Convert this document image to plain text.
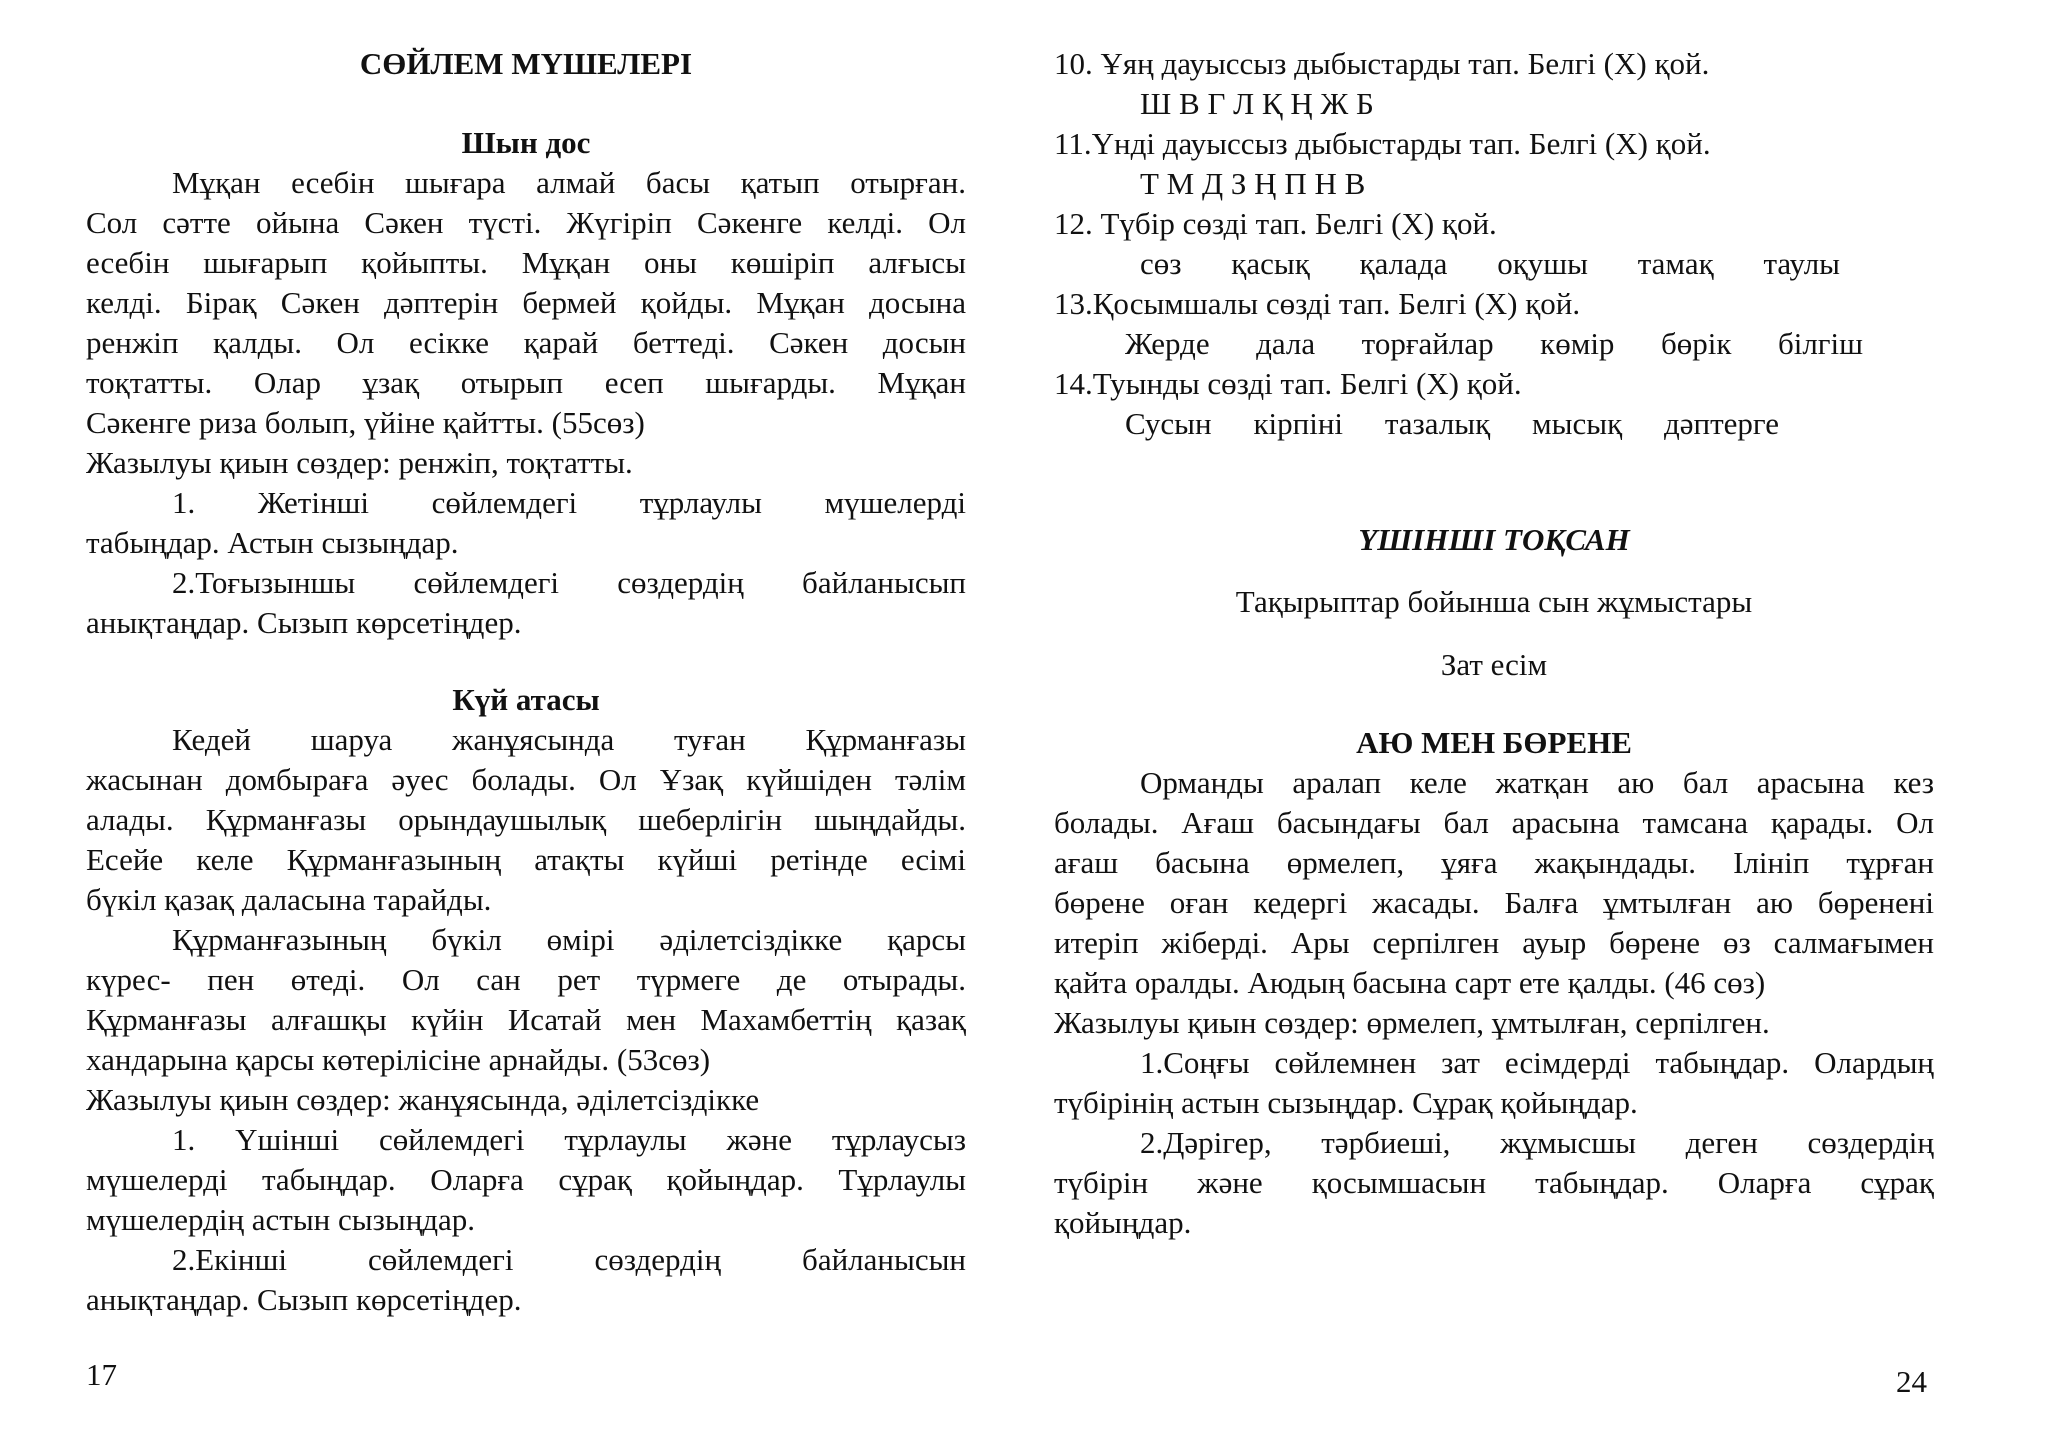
СӨЙЛЕМ МҮШЕЛЕРІ
Шын дос
Мұқан есебін шығара алмай басы қатып отырған.
Сол сәтте ойына Сәкен түсті. Жүгіріп Сәкенге келді. Ол
есебін шығарып қойыпты. Мұқан оны көшіріп алғысы
келді. Бірақ Сәкен дәптерін бермей қойды. Мұқан досына
ренжіп қалды. Ол есікке қарай беттеді. Сәкен досын
тоқтатты. Олар ұзақ отырып есеп шығарды. Мұқан
Сәкенге риза болып, үйіне қайтты. (55сөз)
Жазылуы қиын сөздер: ренжіп, тоқтатты.
1. Жетінші сөйлемдегі тұрлаулы мүшелерді
табыңдар. Астын сызыңдар.
2.Тоғызыншы сөйлемдегі сөздердің байланысып
анықтаңдар. Сызып көрсетіңдер.
Күй атасы
Кедей шаруа жанұясында туған Құрманғазы
жасынан домбыраға әуес болады. Ол Ұзақ күйшіден тәлім
алады. Құрманғазы орындаушылық шеберлігін шыңдайды.
Есейе келе Құрманғазының атақты күйші ретінде есімі
бүкіл қазақ даласына тарайды.
Құрманғазының бүкіл өмірі әділетсіздікке қарсы
күрес- пен өтеді. Ол сан рет түрмеге де отырады.
Құрманғазы алғашқы күйін Исатай мен Махамбеттің қазақ
хандарына қарсы көтерілісіне арнайды. (53сөз)
Жазылуы қиын сөздер: жанұясында, әділетсіздікке
1. Үшінші сөйлемдегі тұрлаулы және тұрлаусыз
мүшелерді табыңдар. Оларға сұрақ қойыңдар. Тұрлаулы
мүшелердің астын сызыңдар.
2.Екінші сөйлемдегі сөздердің байланысын
анықтаңдар. Сызып көрсетіңдер.
17
10. Ұяң дауыссыз дыбыстарды тап. Белгі (Х) қой.
Ш В Г Л Қ Ң Ж Б
11.Үнді дауыссыз дыбыстарды тап. Белгі (Х) қой.
Т М Д З Ң П Н В
12. Түбір сөзді тап. Белгі (Х) қой.
сөз қасық қалада оқушы тамақ таулы
13.Қосымшалы сөзді тап. Белгі (Х) қой.
Жерде дала торғайлар көмір бөрік білгіш
14.Туынды сөзді тап. Белгі (Х) қой.
Сусын кірпіні тазалық мысық дәптерге
ҮШІНШІ ТОҚСАН
Тақырыптар бойынша сын жұмыстары
Зат есім
АЮ МЕН БӨРЕНЕ
Орманды аралап келе жатқан аю бал арасына кез
болады. Ағаш басындағы бал арасына тамсана қарады. Ол
ағаш басына өрмелеп, ұяға жақындады. Ілініп тұрған
бөрене оған кедергі жасады. Балға ұмтылған аю бөренені
итеріп жіберді. Ары серпілген ауыр бөрене өз салмағымен
қайта оралды. Аюдың басына сарт ете қалды. (46 сөз)
Жазылуы қиын сөздер: өрмелеп, ұмтылған, серпілген.
1.Соңғы сөйлемнен зат есімдерді табыңдар. Олардың
түбірінің астын сызыңдар. Сұрақ қойыңдар.
2.Дәрігер, тәрбиеші, жұмысшы деген сөздердің
түбірін және қосымшасын табыңдар. Оларға сұрақ
қойыңдар.
24
